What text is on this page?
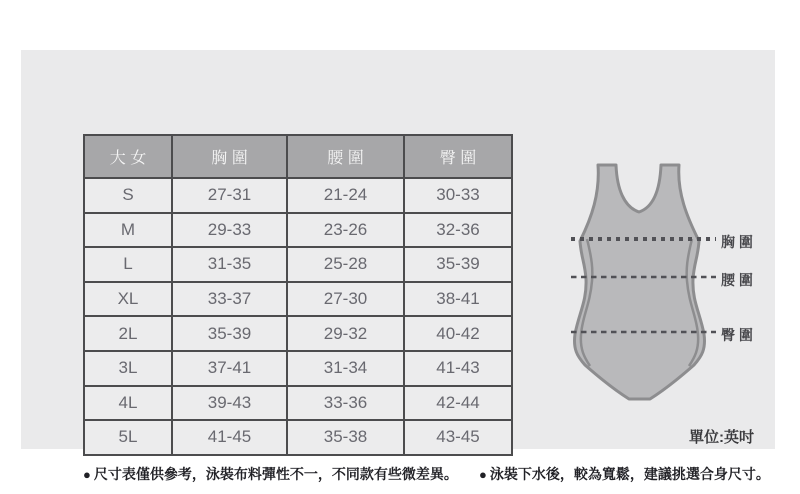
大 女	胸 圍	腰 圍	臀 圍
S	27-31	21-24	30-33
M	29-33	23-26	32-36
L	31-35	25-28	35-39
XL	33-37	27-30	38-41
2L	35-39	29-32	40-42
3L	37-41	31-34	41-43
4L	39-43	33-36	42-44
5L	41-45	35-38	43-45
胸 圍
腰 圍
臀 圍
單位:英吋
● 尺寸表僅供參考，泳裝布料彈性不一，不同款有些微差異。 ● 泳裝下水後，較為寬鬆，建議挑選合身尺寸。
